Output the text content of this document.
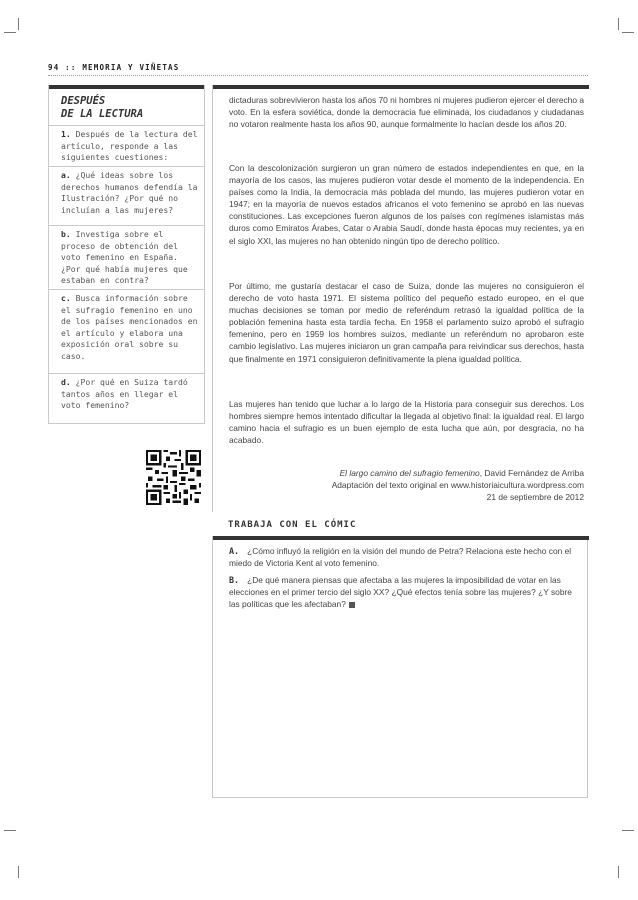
94 :: MEMORIA Y VIÑETAS
DESPUÉS
DE LA LECTURA
1. Después de la lectura del artículo, responde a las siguientes cuestiones:
a. ¿Qué ideas sobre los derechos humanos defendía la Ilustración? ¿Por qué no incluían a las mujeres?
b. Investiga sobre el proceso de obtención del voto femenino en España. ¿Por qué había mujeres que estaban en contra?
c. Busca información sobre el sufragio femenino en uno de los países mencionados en el artículo y elabora una exposición oral sobre su caso.
d. ¿Por qué en Suiza tardó tantos años en llegar el voto femenino?
dictaduras sobrevivieron hasta los años 70 ni hombres ni mujeres pudieron ejercer el derecho a voto. En la esfera soviética, donde la democracia fue eliminada, los ciudadanos y ciudadanas no votaron realmente hasta los años 90, aunque formalmente lo hacían desde los años 20.
Con la descolonización surgieron un gran número de estados independientes en que, en la mayoría de los casos, las mujeres pudieron votar desde el momento de la independencia. En países como la India, la democracia más poblada del mundo, las mujeres pudieron votar en 1947; en la mayoría de nuevos estados africanos el voto femenino se aprobó en las nuevas constituciones. Las excepciones fueron algunos de los países con regímenes islamistas más duros como Emiratos Árabes, Catar o Arabia Saudí, donde hasta épocas muy recientes, ya en el siglo XXI, las mujeres no han obtenido ningún tipo de derecho político.
Por último, me gustaría destacar el caso de Suiza, donde las mujeres no consiguieron el derecho de voto hasta 1971. El sistema político del pequeño estado europeo, en el que muchas decisiones se toman por medio de referéndum retrasó la igualdad política de la población femenina hasta esta tardía fecha. En 1958 el parlamento suizo aprobó el sufragio femenino, pero en 1959 los hombres suizos, mediante un referéndum no aprobaron este cambio legislativo. Las mujeres iniciaron un gran campaña para reivindicar sus derechos, hasta que finalmente en 1971 consiguieron definitivamente la plena igualdad política.
Las mujeres han tenido que luchar a lo largo de la Historia para conseguir sus derechos. Los hombres siempre hemos intentado dificultar la llegada al objetivo final: la igualdad real. El largo camino hacia el sufragio es un buen ejemplo de esta lucha que aún, por desgracia, no ha acabado.
El largo camino del sufragio femenino, David Fernández de Arriba
Adaptación del texto original en www.historiaicultura.wordpress.com
21 de septiembre de 2012
TRABAJA CON EL CÓMIC
A. ¿Cómo influyó la religión en la visión del mundo de Petra? Relaciona este hecho con el miedo de Victoria Kent al voto femenino.
B. ¿De qué manera piensas que afectaba a las mujeres la imposibilidad de votar en las elecciones en el primer tercio del siglo XX? ¿Qué efectos tenía sobre las mujeres? ¿Y sobre las políticas que les afectaban?
